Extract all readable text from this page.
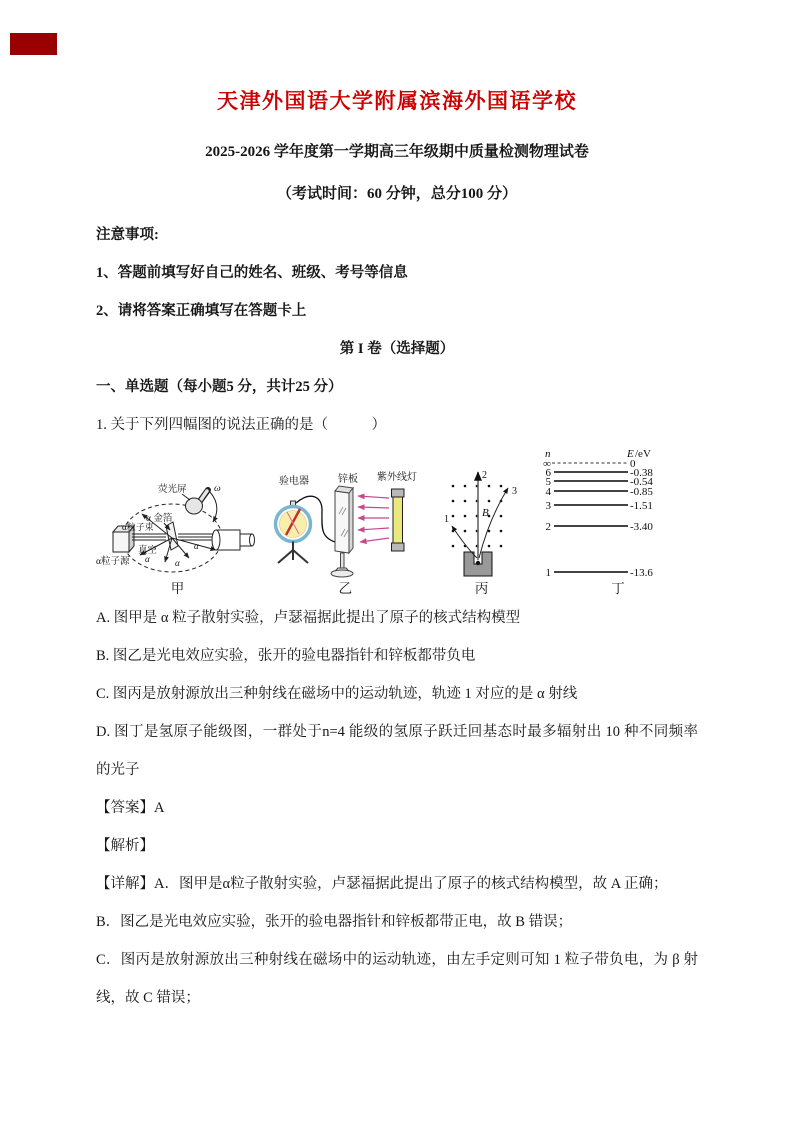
天津外国语大学附属滨海外国语学校
2025-2026 学年度第一学期高三年级期中质量检测物理试卷
（考试时间：60 分钟，总分100 分）

注意事项:

1、答题前填写好自己的姓名、班级、考号等信息

2、请将答案正确填写在答题卡上

第 I 卷（选择题）

一、单选题（每小题5 分，共计25 分）

1. 关于下列四幅图的说法正确的是（　　　）

荧光屏	ω
α 金箔
α粒子束
真空
α粒子源 α	α
α
甲
验电器	锌板 紫外线灯
乙
2
3
1
B
丙
n	E /eV
∞	0
6	-0.38
5	-0.54
4	-0.85
3	-1.51
2	-3.40
1	-13.6
丁

A. 图甲是 α 粒子散射实验，卢瑟福据此提出了原子的核式结构模型

B. 图乙是光电效应实验，张开的验电器指针和锌板都带负电

C. 图丙是放射源放出三种射线在磁场中的运动轨迹，轨迹 1 对应的是 α 射线

D. 图丁是氢原子能级图，一群处于n=4 能级的氢原子跃迁回基态时最多辐射出 10 种不同频率的光子

【答案】A

【解析】

【详解】A．图甲是α粒子散射实验，卢瑟福据此提出了原子的核式结构模型，故 A 正确；

B．图乙是光电效应实验，张开的验电器指针和锌板都带正电，故 B 错误；

C．图丙是放射源放出三种射线在磁场中的运动轨迹，由左手定则可知 1 粒子带负电，为 β 射线，故 C 错误；
